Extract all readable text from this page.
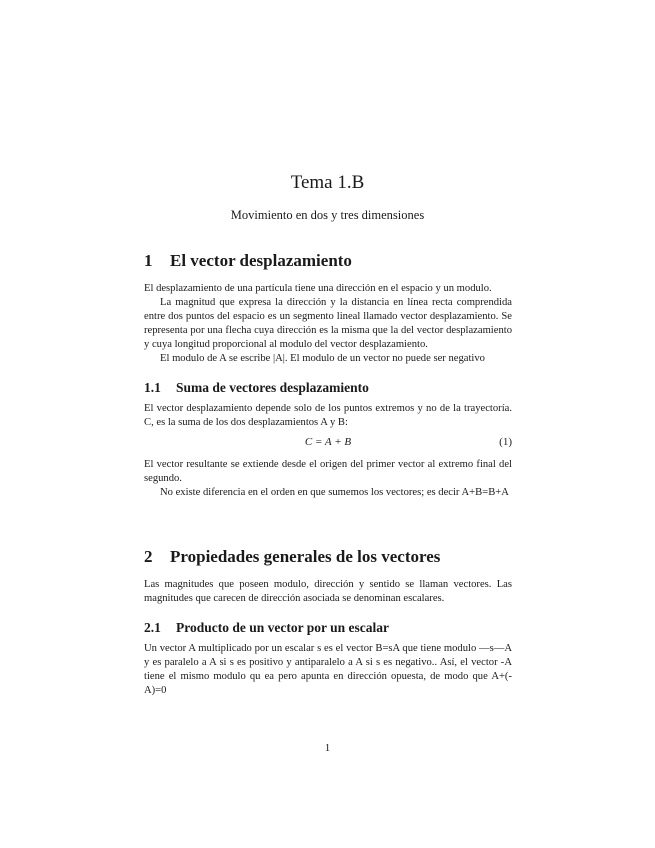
Tema 1.B
Movimiento en dos y tres dimensiones
1 El vector desplazamiento

El desplazamiento de una partícula tiene una dirección en el espacio y un modulo.

La magnitud que expresa la dirección y la distancia en línea recta comprendida entre dos puntos del espacio es un segmento lineal llamado vector desplazamiento. Se representa por una flecha cuya dirección es la misma que la del vector desplazamiento y cuya longitud proporcional al modulo del vector desplazamiento.

El modulo de A se escribe |A|. El modulo de un vector no puede ser negativo

1.1 Suma de vectores desplazamiento

El vector desplazamiento depende solo de los puntos extremos y no de la trayectoría. C, es la suma de los dos desplazamientos A y B:

C = A + B	(1)

El vector resultante se extiende desde el origen del primer vector al extremo final del segundo.

No existe diferencia en el orden en que sumemos los vectores; es decir A+B=B+A

2 Propiedades generales de los vectores

Las magnitudes que poseen modulo, dirección y sentido se llaman vectores. Las magnitudes que carecen de dirección asociada se denominan escalares.

2.1 Producto de un vector por un escalar

Un vector A multiplicado por un escalar s es el vector B=sA que tiene modulo —s—A y es paralelo a A si s es positivo y antiparalelo a A si s es negativo.. Así, el vector -A tiene el mismo modulo qu ea pero apunta en dirección opuesta, de modo que A+(-A)=0

1
